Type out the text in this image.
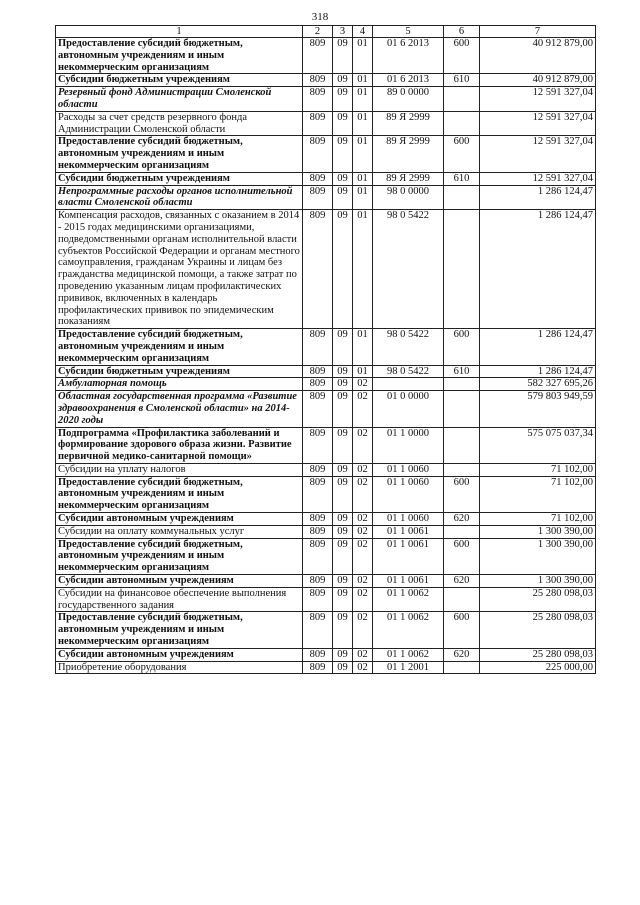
318
1	2	3	4	5	6	7
Предоставление субсидий бюджетным, автономным учреждениям и иным некоммерческим организациям	809	09	01	01 6 2013	600	40 912 879,00
Субсидии бюджетным учреждениям	809	09	01	01 6 2013	610	40 912 879,00
Резервный фонд Администрации Смоленской области	809	09	01	89 0 0000		12 591 327,04
Расходы за счет средств резервного фонда Администрации Смоленской области	809	09	01	89 Я 2999		12 591 327,04
Предоставление субсидий бюджетным, автономным учреждениям и иным некоммерческим организациям	809	09	01	89 Я 2999	600	12 591 327,04
Субсидии бюджетным учреждениям	809	09	01	89 Я 2999	610	12 591 327,04
Непрограммные расходы органов исполнительной власти Смоленской области	809	09	01	98 0 0000		1 286 124,47
Компенсация расходов, связанных с оказанием в 2014 - 2015 годах медицинскими организациями, подведомственными органам исполнительной власти субъектов Российской Федерации и органам местного самоуправления, гражданам Украины и лицам без гражданства медицинской помощи, а также затрат по проведению указанным лицам профилактических прививок, включенных в календарь профилактических прививок по эпидемическим показаниям	809	09	01	98 0 5422		1 286 124,47
Предоставление субсидий бюджетным, автономным учреждениям и иным некоммерческим организациям	809	09	01	98 0 5422	600	1 286 124,47
Субсидии бюджетным учреждениям	809	09	01	98 0 5422	610	1 286 124,47
Амбулаторная помощь	809	09	02			582 327 695,26
Областная государственная программа «Развитие здравоохранения в Смоленской области» на 2014-2020 годы	809	09	02	01 0 0000		579 803 949,59
Подпрограмма «Профилактика заболеваний и формирование здорового образа жизни. Развитие первичной медико-санитарной помощи»	809	09	02	01 1 0000		575 075 037,34
Субсидии на уплату налогов	809	09	02	01 1 0060		71 102,00
Предоставление субсидий бюджетным, автономным учреждениям и иным некоммерческим организациям	809	09	02	01 1 0060	600	71 102,00
Субсидии автономным учреждениям	809	09	02	01 1 0060	620	71 102,00
Субсидии на оплату коммунальных услуг	809	09	02	01 1 0061		1 300 390,00
Предоставление субсидий бюджетным, автономным учреждениям и иным некоммерческим организациям	809	09	02	01 1 0061	600	1 300 390,00
Субсидии автономным учреждениям	809	09	02	01 1 0061	620	1 300 390,00
Субсидии на финансовое обеспечение выполнения государственного задания	809	09	02	01 1 0062		25 280 098,03
Предоставление субсидий бюджетным, автономным учреждениям и иным некоммерческим организациям	809	09	02	01 1 0062	600	25 280 098,03
Субсидии автономным учреждениям	809	09	02	01 1 0062	620	25 280 098,03
Приобретение оборудования	809	09	02	01 1 2001		225 000,00
